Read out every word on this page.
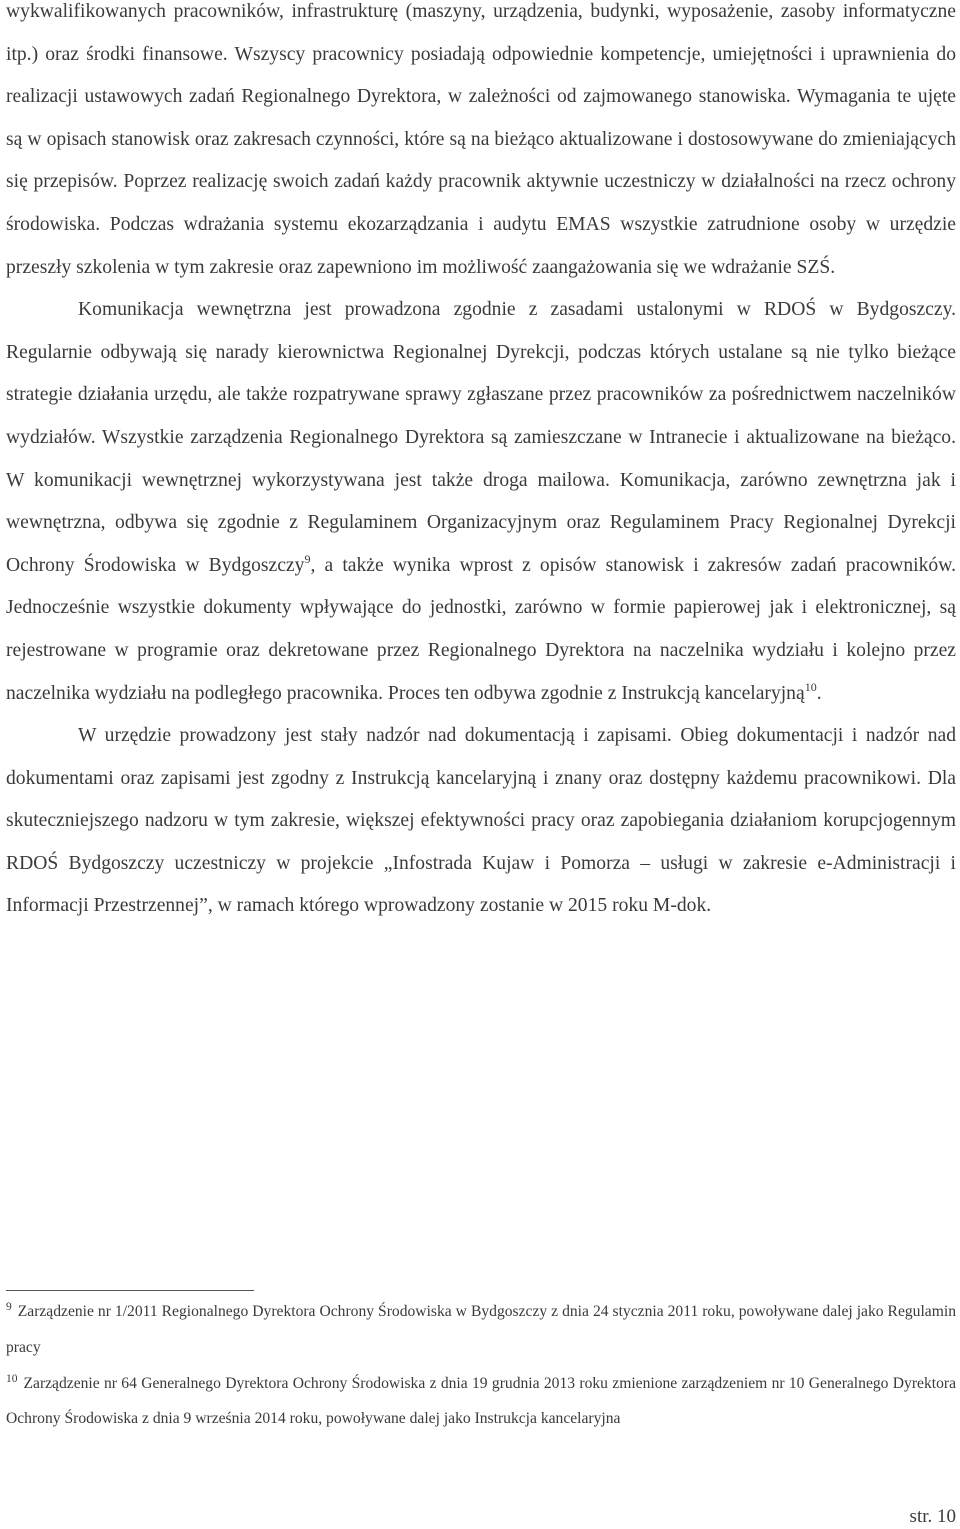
wykwalifikowanych pracowników, infrastrukturę (maszyny, urządzenia, budynki, wyposażenie, zasoby informatyczne itp.) oraz środki finansowe. Wszyscy pracownicy posiadają odpowiednie kompetencje, umiejętności i uprawnienia do realizacji ustawowych zadań Regionalnego Dyrektora, w zależności od zajmowanego stanowiska. Wymagania te ujęte są w opisach stanowisk oraz zakresach czynności, które są na bieżąco aktualizowane i dostosowywane do zmieniających się przepisów. Poprzez realizację swoich zadań każdy pracownik aktywnie uczestniczy w działalności na rzecz ochrony środowiska. Podczas wdrażania systemu ekozarządzania i audytu EMAS wszystkie zatrudnione osoby w urzędzie przeszły szkolenia w tym zakresie oraz zapewniono im możliwość zaangażowania się we wdrażanie SZŚ.

Komunikacja wewnętrzna jest prowadzona zgodnie z zasadami ustalonymi w RDOŚ w Bydgoszczy. Regularnie odbywają się narady kierownictwa Regionalnej Dyrekcji, podczas których ustalane są nie tylko bieżące strategie działania urzędu, ale także rozpatrywane sprawy zgłaszane przez pracowników za pośrednictwem naczelników wydziałów. Wszystkie zarządzenia Regionalnego Dyrektora są zamieszczane w Intranecie i aktualizowane na bieżąco. W komunikacji wewnętrznej wykorzystywana jest także droga mailowa. Komunikacja, zarówno zewnętrzna jak i wewnętrzna, odbywa się zgodnie z Regulaminem Organizacyjnym oraz Regulaminem Pracy Regionalnej Dyrekcji Ochrony Środowiska w Bydgoszczy$^9$, a także wynika wprost z opisów stanowisk i zakresów zadań pracowników. Jednocześnie wszystkie dokumenty wpływające do jednostki, zarówno w formie papierowej jak i elektronicznej, są rejestrowane w programie oraz dekretowane przez Regionalnego Dyrektora na naczelnika wydziału i kolejno przez naczelnika wydziału na podległego pracownika. Proces ten odbywa zgodnie z Instrukcją kancelaryjną$^{10}$.

W urzędzie prowadzony jest stały nadzór nad dokumentacją i zapisami. Obieg dokumentacji i nadzór nad dokumentami oraz zapisami jest zgodny z Instrukcją kancelaryjną i znany oraz dostępny każdemu pracownikowi. Dla skuteczniejszego nadzoru w tym zakresie, większej efektywności pracy oraz zapobiegania działaniom korupcjogennym RDOŚ Bydgoszczy uczestniczy w projekcie „Infostrada Kujaw i Pomorza – usługi w zakresie e-Administracji i Informacji Przestrzennej”, w ramach którego wprowadzony zostanie w 2015 roku M-dok.

$^9$ Zarządzenie nr 1/2011 Regionalnego Dyrektora Ochrony Środowiska w Bydgoszczy z dnia 24 stycznia 2011 roku, powoływane dalej jako Regulamin pracy

$^{10}$ Zarządzenie nr 64 Generalnego Dyrektora Ochrony Środowiska z dnia 19 grudnia 2013 roku zmienione zarządzeniem nr 10 Generalnego Dyrektora Ochrony Środowiska z dnia 9 września 2014 roku, powoływane dalej jako Instrukcja kancelaryjna

str. 10
